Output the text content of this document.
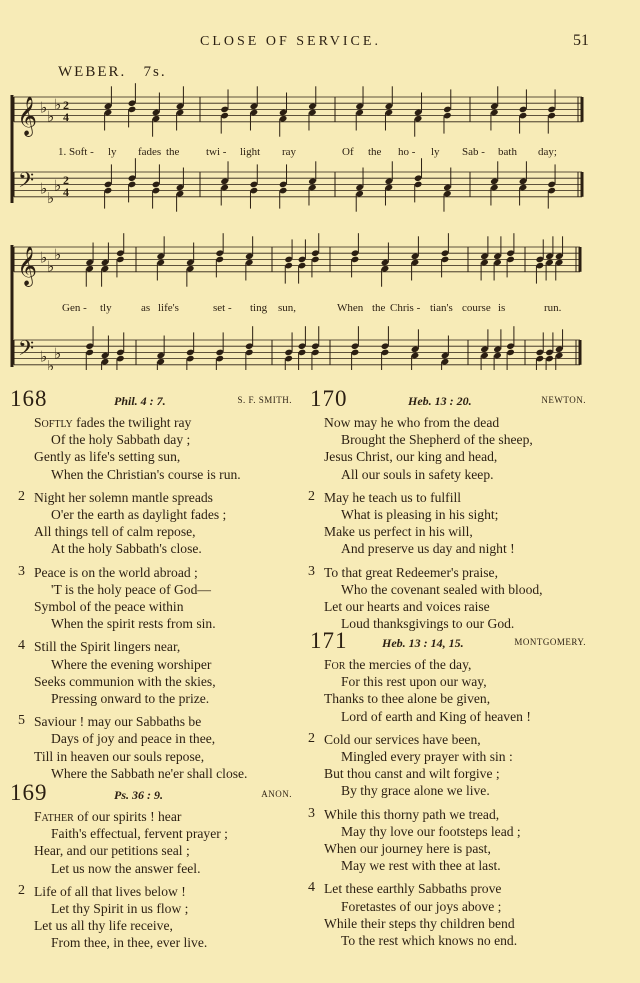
CLOSE OF SERVICE.	51
WEBER. 7s.
𝄞 ♭
♭
♭ 2
4
𝄢 ♭
♭
♭ 2
4
𝄞 ♭
♭
♭
𝄢 ♭
♭
♭
1. Soft - ly fades the twi - light ray	Of the ho - ly Sab - bath day;
Gen - tly	as life's	set - ting sun,	When the Chris - tian's course is	run.
168	Phil. 4 : 7.	S. F. SMITH.
Softly fades the twilight ray
Of the holy Sabbath day ;
Gently as life's setting sun,
When the Christian's course is run.
2 Night her solemn mantle spreads
O'er the earth as daylight fades ;
All things tell of calm repose,
At the holy Sabbath's close.
3 Peace is on the world abroad ;
'T is the holy peace of God—
Symbol of the peace within
When the spirit rests from sin.
4 Still the Spirit lingers near,
Where the evening worshiper
Seeks communion with the skies,
Pressing onward to the prize.
5 Saviour ! may our Sabbaths be
Days of joy and peace in thee,
Till in heaven our souls repose,
Where the Sabbath ne'er shall close.
169	Ps. 36 : 9.	ANON.
Father of our spirits ! hear
Faith's effectual, fervent prayer ;
Hear, and our petitions seal ;
Let us now the answer feel.
2 Life of all that lives below !
Let thy Spirit in us flow ;
Let us all thy life receive,
From thee, in thee, ever live.
170	Heb. 13 : 20.	NEWTON.
Now may he who from the dead
Brought the Shepherd of the sheep,
Jesus Christ, our king and head,
All our souls in safety keep.
2 May he teach us to fulfill
What is pleasing in his sight;
Make us perfect in his will,
And preserve us day and night !
3 To that great Redeemer's praise,
Who the covenant sealed with blood,
Let our hearts and voices raise
Loud thanksgivings to our God.
171	Heb. 13 : 14, 15.	MONTGOMERY.
For the mercies of the day,
For this rest upon our way,
Thanks to thee alone be given,
Lord of earth and King of heaven !
2 Cold our services have been,
Mingled every prayer with sin :
But thou canst and wilt forgive ;
By thy grace alone we live.
3 While this thorny path we tread,
May thy love our footsteps lead ;
When our journey here is past,
May we rest with thee at last.
4 Let these earthly Sabbaths prove
Foretastes of our joys above ;
While their steps thy children bend
To the rest which knows no end.
